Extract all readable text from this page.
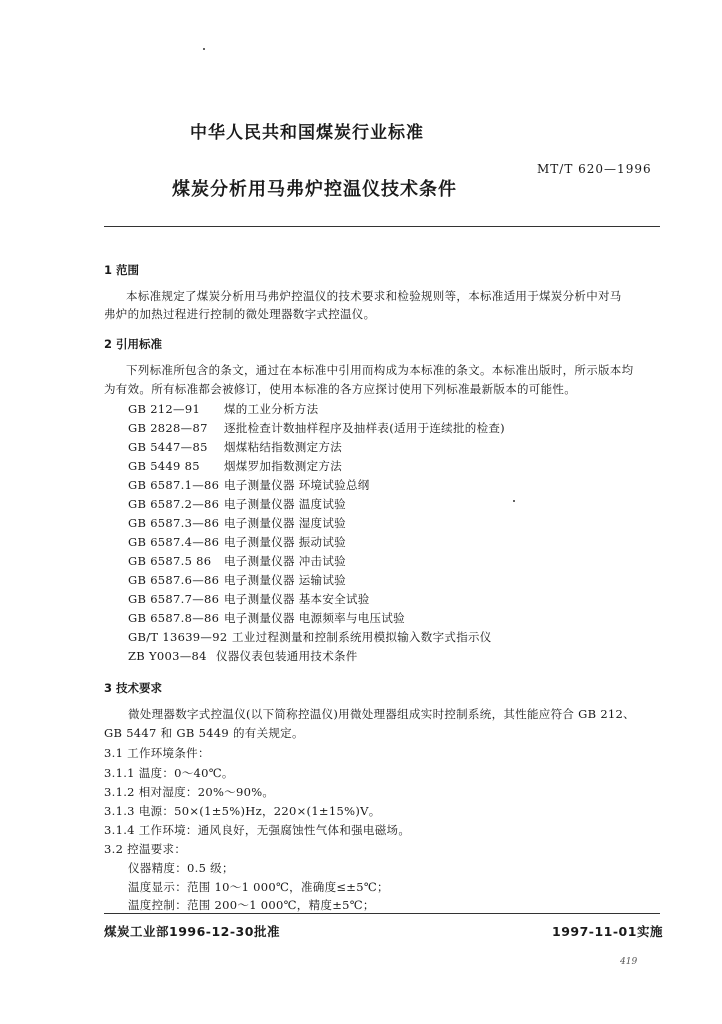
中华人民共和国煤炭行业标准
煤炭分析用马弗炉控温仪技术条件
MT/T 620—1996
1 范围
本标准规定了煤炭分析用马弗炉控温仪的技术要求和检验规则等，本标准适用于煤炭分析中对马
弗炉的加热过程进行控制的微处理器数字式控温仪。
2 引用标准
下列标准所包含的条文，通过在本标准中引用而构成为本标准的条文。本标准出版时，所示版本均
为有效。所有标准都会被修订，使用本标准的各方应探讨使用下列标准最新版本的可能性。
GB 212—91 煤的工业分析方法
GB 2828—87 逐批检查计数抽样程序及抽样表(适用于连续批的检查)
GB 5447—85 烟煤粘结指数测定方法
GB 5449 85 烟煤罗加指数测定方法
GB 6587.1—86 电子测量仪器 环境试验总纲
GB 6587.2—86 电子测量仪器 温度试验
GB 6587.3—86 电子测量仪器 湿度试验
GB 6587.4—86 电子测量仪器 振动试验
GB 6587.5 86 电子测量仪器 冲击试验
GB 6587.6—86 电子测量仪器 运输试验
GB 6587.7—86 电子测量仪器 基本安全试验
GB 6587.8—86 电子测量仪器 电源频率与电压试验
GB/T 13639—92 工业过程测量和控制系统用模拟输入数字式指示仪
ZB Y003—84 仪器仪表包装通用技术条件
3 技术要求
微处理器数字式控温仪(以下简称控温仪)用微处理器组成实时控制系统，其性能应符合 GB 212、
GB 5447 和 GB 5449 的有关规定。
3.1 工作环境条件：
3.1.1 温度：0～40℃。
3.1.2 相对湿度：20%～90%。
3.1.3 电源：50×(1±5%)Hz，220×(1±15%)V。
3.1.4 工作环境：通风良好，无强腐蚀性气体和强电磁场。
3.2 控温要求：
仪器精度：0.5 级；
温度显示：范围 10～1 000℃，准确度≤±5℃；
温度控制：范围 200～1 000℃，精度±5℃；
煤炭工业部1996-12-30批准	1997-11-01实施
419
